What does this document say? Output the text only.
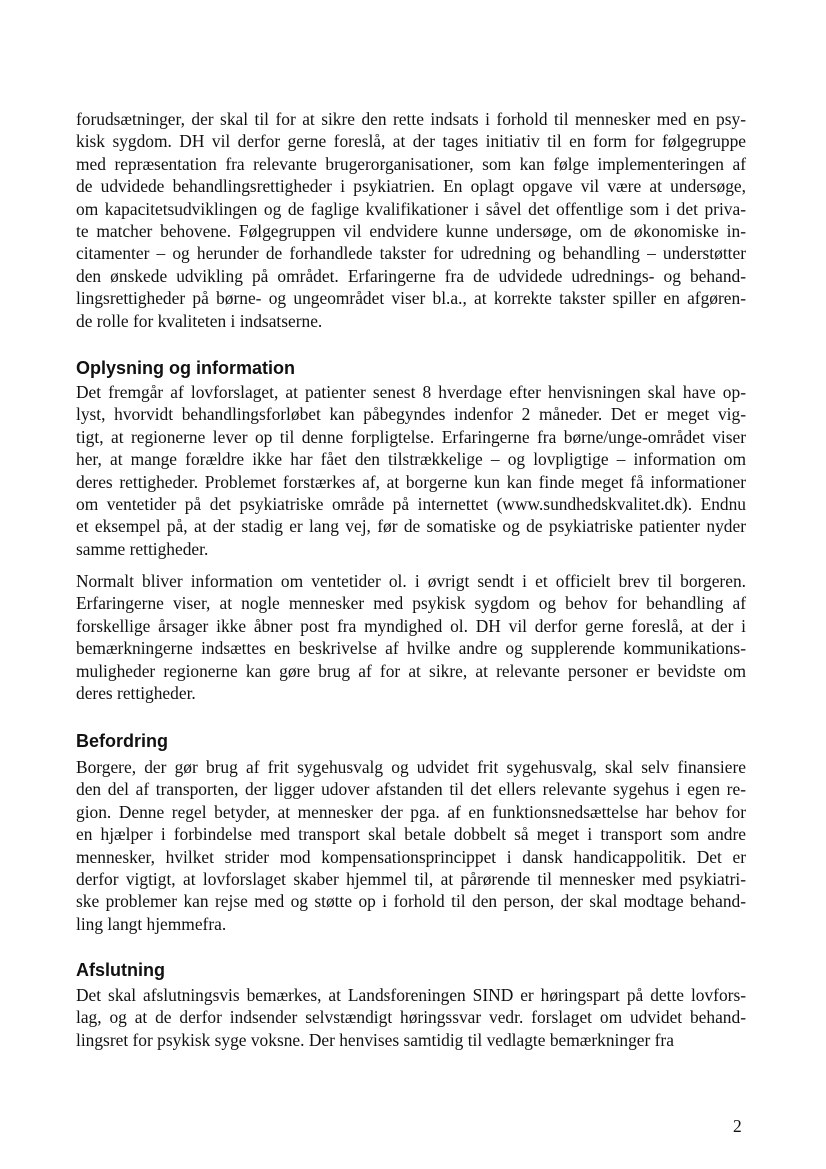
forudsætninger, der skal til for at sikre den rette indsats i forhold til mennesker med en psy-
kisk sygdom. DH vil derfor gerne foreslå, at der tages initiativ til en form for følgegruppe
med repræsentation fra relevante brugerorganisationer, som kan følge implementeringen af
de udvidede behandlingsrettigheder i psykiatrien. En oplagt opgave vil være at undersøge,
om kapacitetsudviklingen og de faglige kvalifikationer i såvel det offentlige som i det priva-
te matcher behovene. Følgegruppen vil endvidere kunne undersøge, om de økonomiske in-
citamenter – og herunder de forhandlede takster for udredning og behandling – understøtter
den ønskede udvikling på området. Erfaringerne fra de udvidede udrednings- og behand-
lingsrettigheder på børne- og ungeområdet viser bl.a., at korrekte takster spiller en afgøren-
de rolle for kvaliteten i indsatserne.
Oplysning og information
Det fremgår af lovforslaget, at patienter senest 8 hverdage efter henvisningen skal have op-
lyst, hvorvidt behandlingsforløbet kan påbegyndes indenfor 2 måneder. Det er meget vig-
tigt, at regionerne lever op til denne forpligtelse. Erfaringerne fra børne/unge-området viser
her, at mange forældre ikke har fået den tilstrækkelige – og lovpligtige – information om
deres rettigheder. Problemet forstærkes af, at borgerne kun kan finde meget få informationer
om ventetider på det psykiatriske område på internettet (www.sundhedskvalitet.dk). Endnu
et eksempel på, at der stadig er lang vej, før de somatiske og de psykiatriske patienter nyder
samme rettigheder.
Normalt bliver information om ventetider ol. i øvrigt sendt i et officielt brev til borgeren.
Erfaringerne viser, at nogle mennesker med psykisk sygdom og behov for behandling af
forskellige årsager ikke åbner post fra myndighed ol. DH vil derfor gerne foreslå, at der i
bemærkningerne indsættes en beskrivelse af hvilke andre og supplerende kommunikations-
muligheder regionerne kan gøre brug af for at sikre, at relevante personer er bevidste om
deres rettigheder.
Befordring
Borgere, der gør brug af frit sygehusvalg og udvidet frit sygehusvalg, skal selv finansiere
den del af transporten, der ligger udover afstanden til det ellers relevante sygehus i egen re-
gion. Denne regel betyder, at mennesker der pga. af en funktionsnedsættelse har behov for
en hjælper i forbindelse med transport skal betale dobbelt så meget i transport som andre
mennesker, hvilket strider mod kompensationsprincippet i dansk handicappolitik. Det er
derfor vigtigt, at lovforslaget skaber hjemmel til, at pårørende til mennesker med psykiatri-
ske problemer kan rejse med og støtte op i forhold til den person, der skal modtage behand-
ling langt hjemmefra.
Afslutning
Det skal afslutningsvis bemærkes, at Landsforeningen SIND er høringspart på dette lovfors-
lag, og at de derfor indsender selvstændigt høringssvar vedr. forslaget om udvidet behand-
lingsret for psykisk syge voksne. Der henvises samtidig til vedlagte bemærkninger fra
2
